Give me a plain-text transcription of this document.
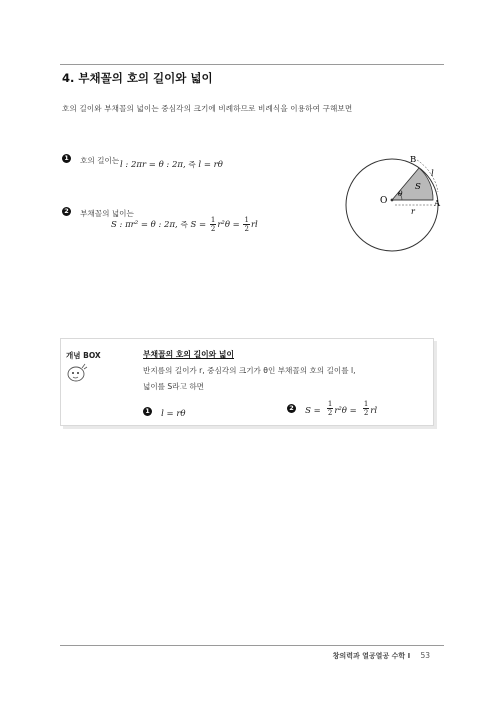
4. 부채꼴의 호의 길이와 넓이
호의 길이와 부채꼴의 넓이는 중심각의 크기에 비례하므로 비례식을 이용하여 구해보면
1 호의 길이는 l : 2πr = θ : 2π, 즉 l = rθ
2 부채꼴의 넓이는
S : πr² = θ : 2π, 즉 $S = \frac{1}{2} r^2\theta = \frac{1}{2}$ rl
O	A
B
S
θ
r
l
개념 BOX	부채꼴의 호의 길이와 넓이
반지름의 길이가 r, 중심각의 크기가 θ인 부채꼴의 호의 길이를 l,
넓이를 S라고 하면
1 l = rθ
2 $S = \frac{1}{2} r^2\theta = \frac{1}{2}$ rl
창의력과 열공열공 수학 I 53
